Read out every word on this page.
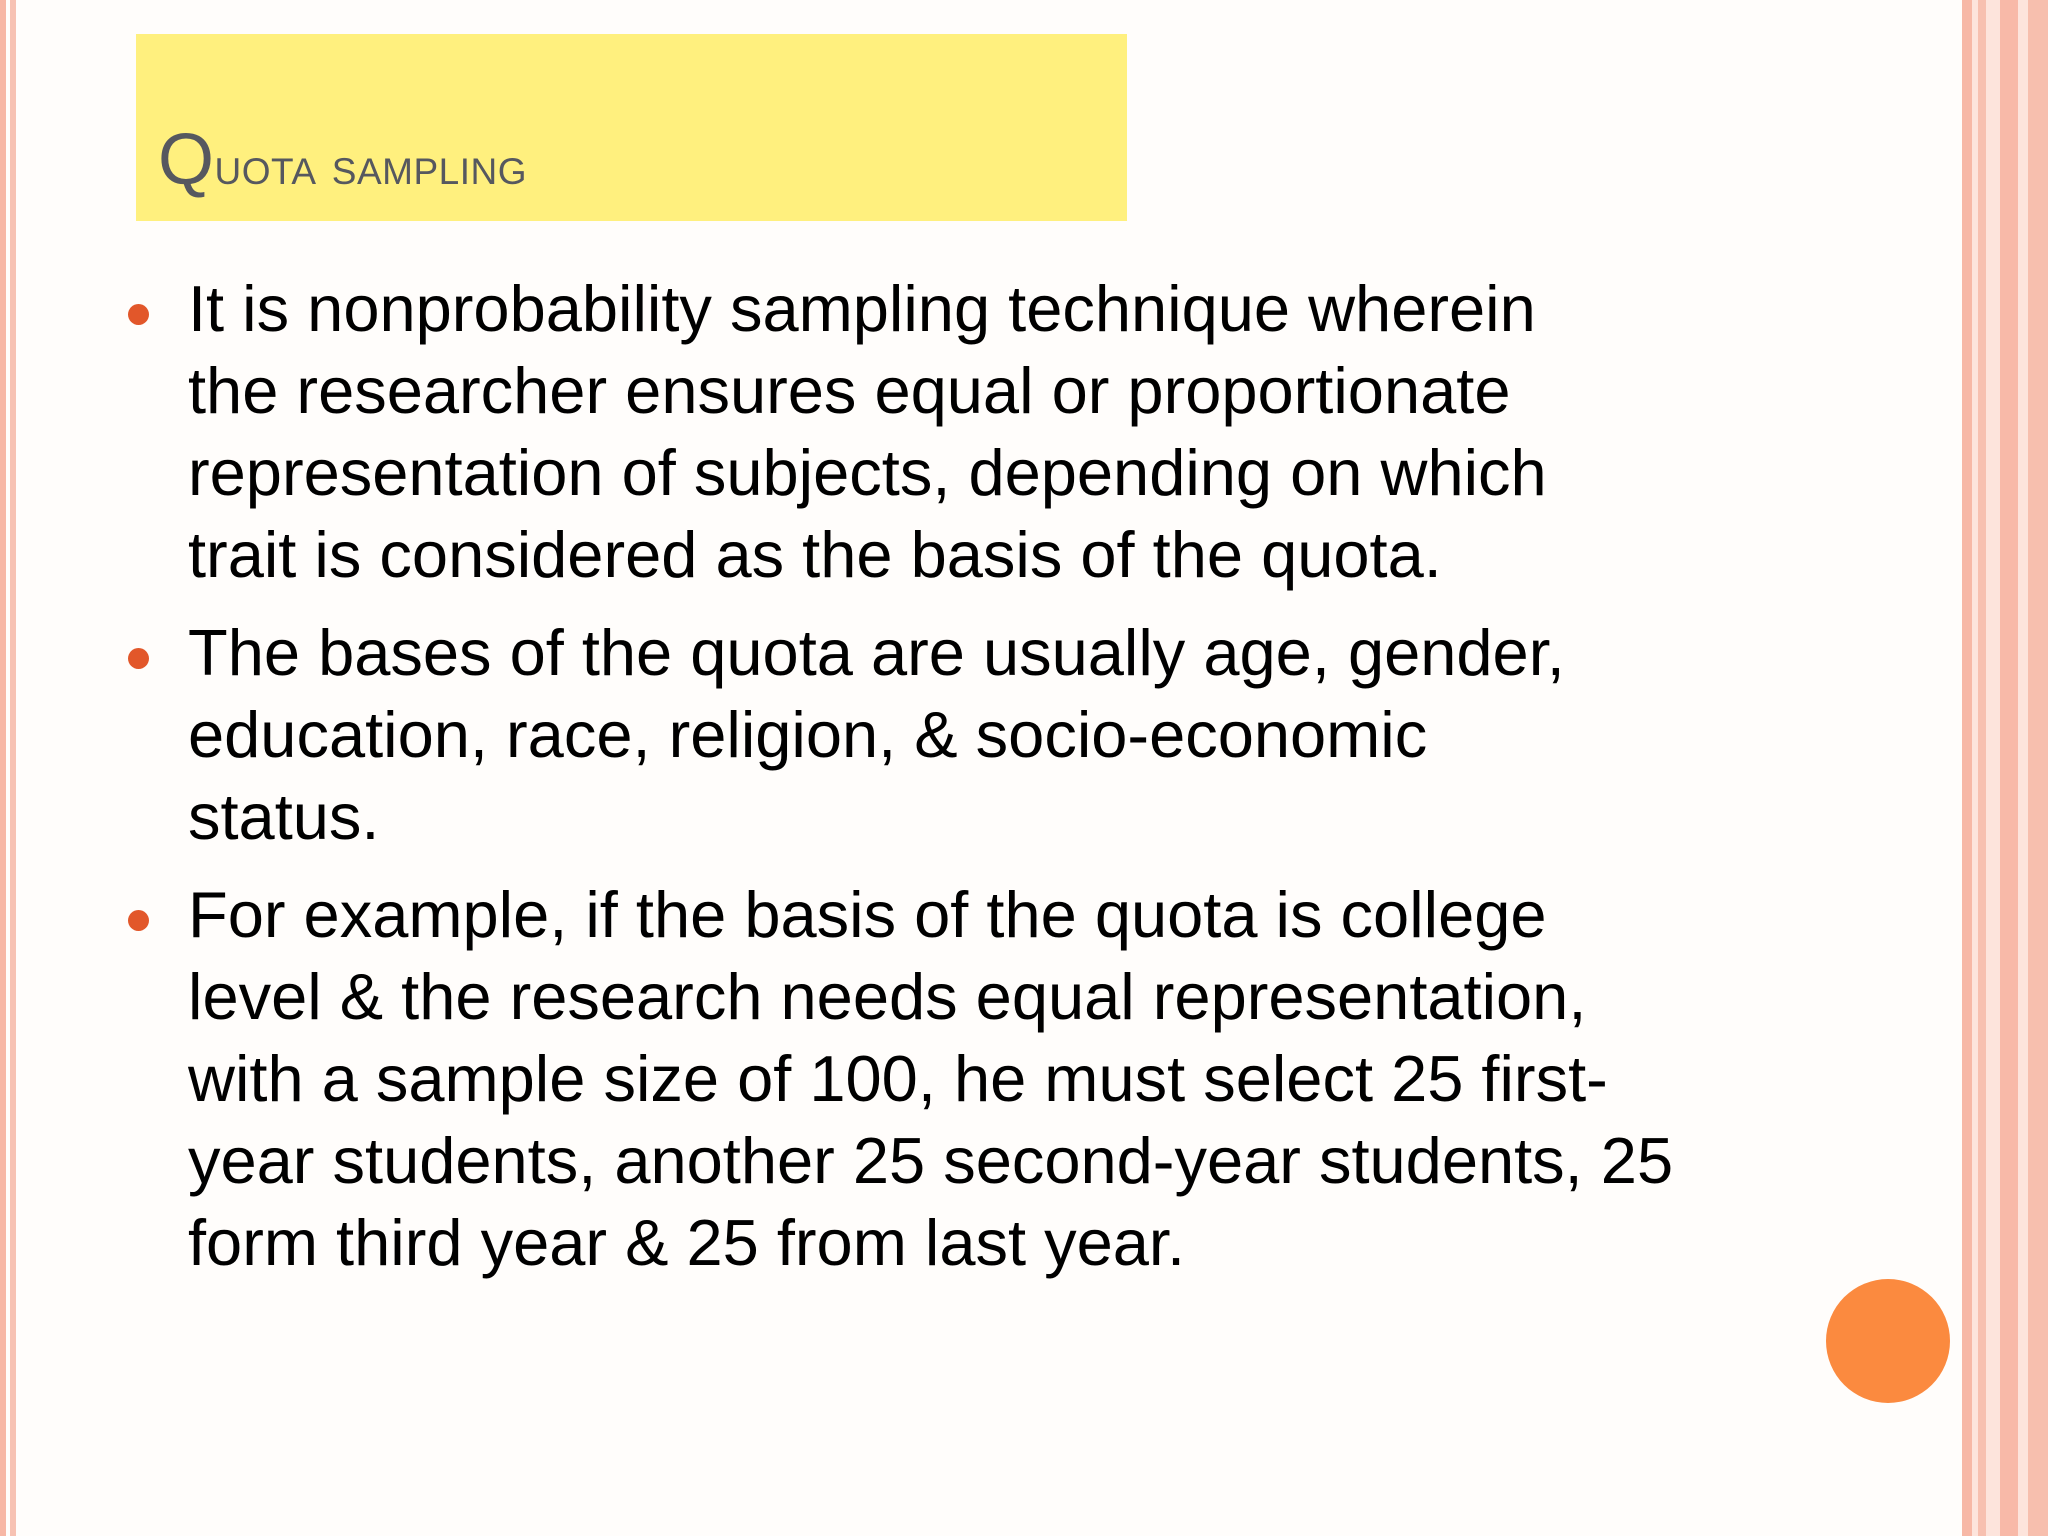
Quota sampling
It is nonprobability sampling technique wherein
the researcher ensures equal or proportionate
representation of subjects, depending on which
trait is considered as the basis of the quota.
The bases of the quota are usually age, gender,
education, race, religion, & socio-economic
status.
For example, if the basis of the quota is college
level & the research needs equal representation,
with a sample size of 100, he must select 25 first-
year students, another 25 second-year students, 25
form third year & 25 from last year.
